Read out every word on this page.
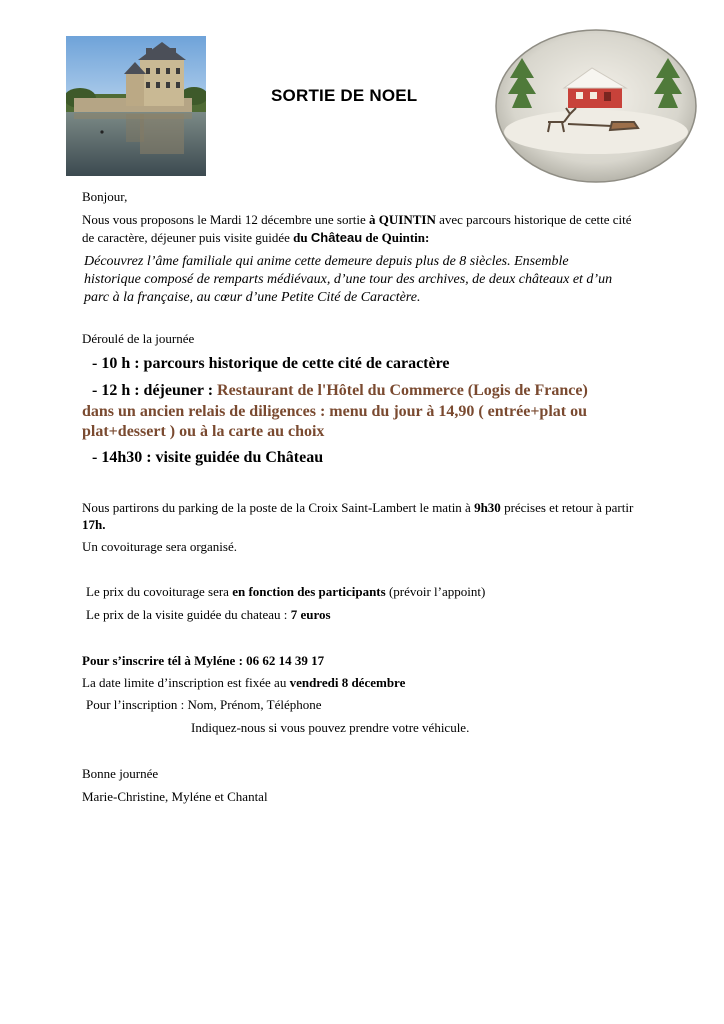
SORTIE DE NOEL
Bonjour,
Nous vous proposons le Mardi 12 décembre une sortie à QUINTIN avec parcours historique de cette cité
de caractère, déjeuner puis visite guidée du Château de Quintin:
Découvrez l’âme familiale qui anime cette demeure depuis plus de 8 siècles. Ensemble
historique composé de remparts médiévaux, d’une tour des archives, de deux châteaux et d’un
parc à la française, au cœur d’une Petite Cité de Caractère.
Déroulé de la journée
- 10 h : parcours historique de cette cité de caractère
- 12 h : déjeuner : Restaurant de l'Hôtel du Commerce (Logis de France)
dans un ancien relais de diligences : menu du jour à 14,90 ( entrée+plat ou
plat+dessert ) ou à la carte au choix
- 14h30 : visite guidée du Château
Nous partirons du parking de la poste de la Croix Saint-Lambert le matin à 9h30 précises et retour à partir
17h.
Un covoiturage sera organisé.
Le prix du covoiturage sera en fonction des participants (prévoir l’appoint)
Le prix de la visite guidée du chateau : 7 euros
Pour s’inscrire tél à Myléne : 06 62 14 39 17
La date limite d’inscription est fixée au vendredi 8 décembre
Pour l’inscription : Nom, Prénom, Téléphone
Indiquez-nous si vous pouvez prendre votre véhicule.
Bonne journée
Marie-Christine, Myléne et Chantal
